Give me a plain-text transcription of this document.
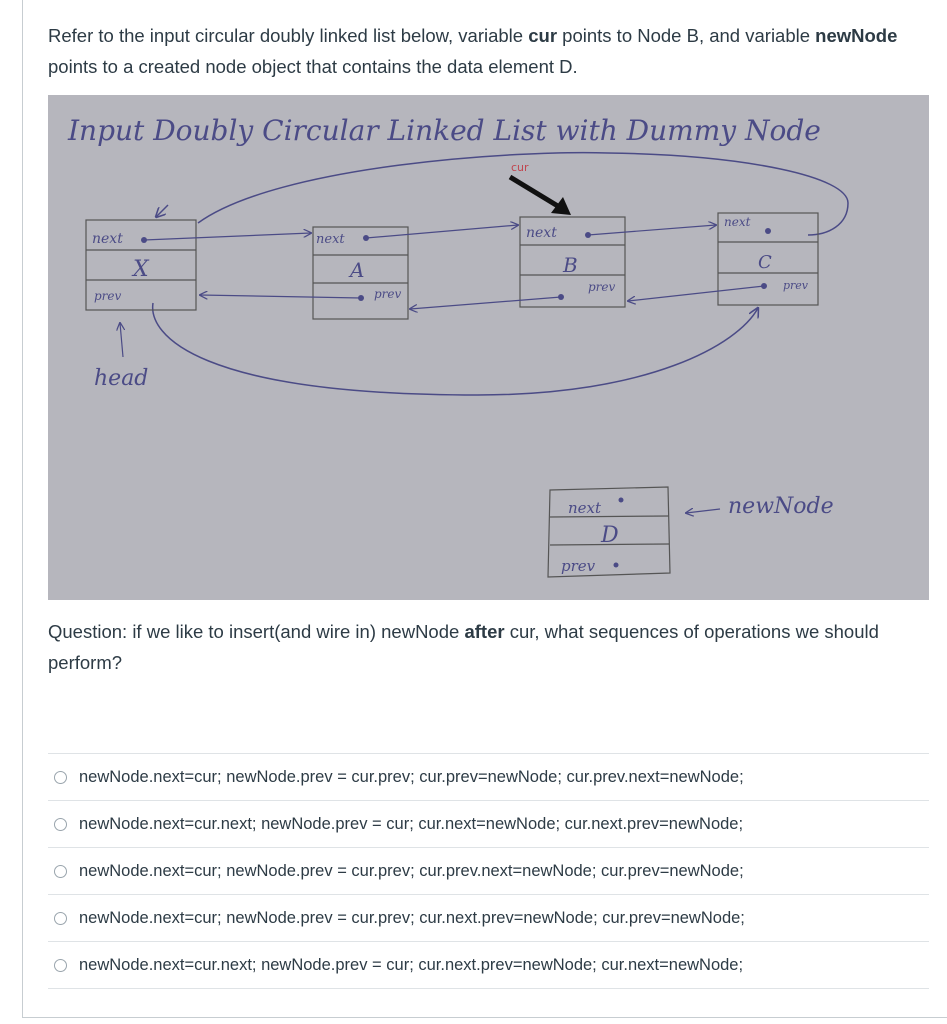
Refer to the input circular doubly linked list below, variable cur points to Node B, and variable newNode points to a created node object that contains the data element D.

Input Doubly Circular Linked List with Dummy Node
next
X
prev
next
A
prev
next
B
prev
next
C
prev
cur
head
next
D
prev
newNode

Question: if we like to insert(and wire in) newNode after cur, what sequences of operations we should perform?

newNode.next=cur; newNode.prev = cur.prev; cur.prev=newNode; cur.prev.next=newNode;
newNode.next=cur.next; newNode.prev = cur; cur.next=newNode; cur.next.prev=newNode;
newNode.next=cur; newNode.prev = cur.prev; cur.prev.next=newNode; cur.prev=newNode;
newNode.next=cur; newNode.prev = cur.prev; cur.next.prev=newNode; cur.prev=newNode;
newNode.next=cur.next; newNode.prev = cur; cur.next.prev=newNode; cur.next=newNode;
